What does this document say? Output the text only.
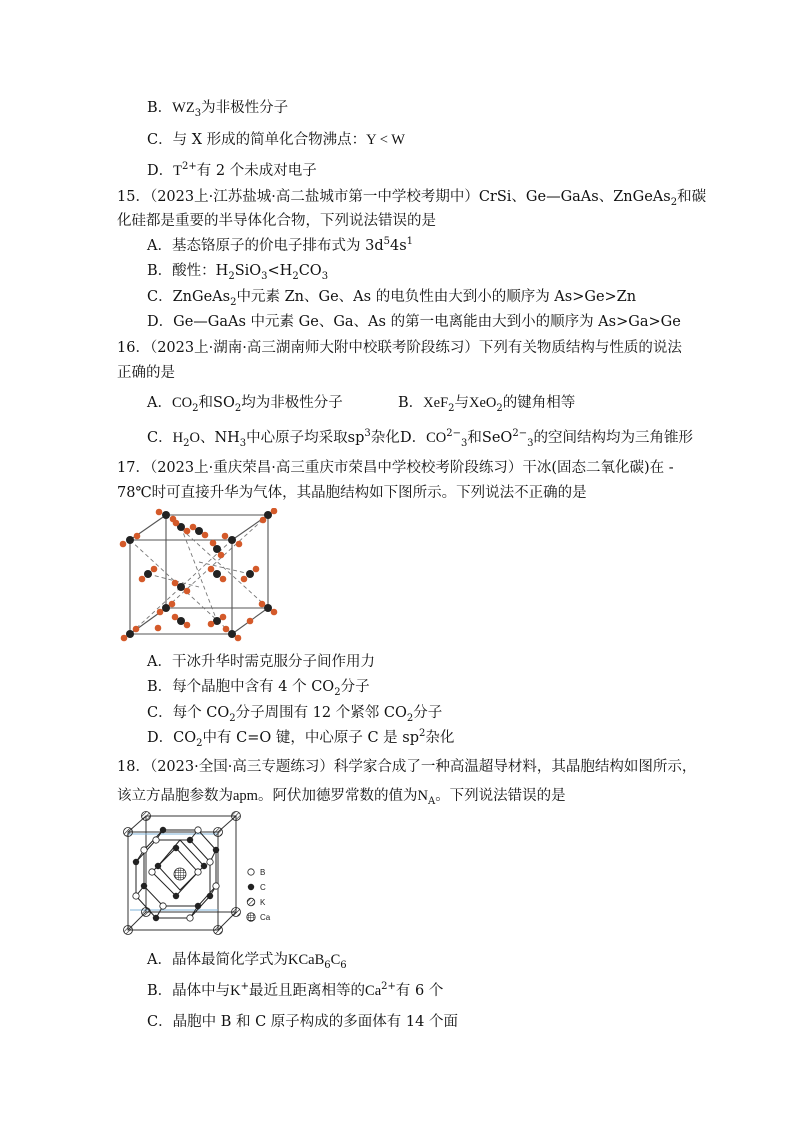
B．$WZ_3$为非极性分子
C．与 X 形成的简单化合物沸点：Y < W
D．$T^{2+}$有 2 个未成对电子
15．（2023上·江苏盐城·高二盐城市第一中学校考期中）CrSi、Ge—GaAs、ZnGeAs$_2$和碳
化硅都是重要的半导体化合物，下列说法错误的是
A．基态铬原子的价电子排布式为 $3d^54s^1$
B．酸性：$H_2SiO_3<H_2CO_3$
C．ZnGeAs$_2$中元素 Zn、Ge、As 的电负性由大到小的顺序为 As>Ge>Zn
D．Ge—GaAs 中元素 Ge、Ga、As 的第一电离能由大到小的顺序为 As>Ga>Ge
16．（2023上·湖南·高三湖南师大附中校联考阶段练习）下列有关物质结构与性质的说法
正确的是
A．$CO_2$和$SO_2$均为非极性分子	B．XeF$_2$与XeO$_2$的键角相等
C．$H_2O$、$NH_3$中心原子均采取$sp^3$杂化 D．$CO^{2-}_3$和SeO$^{2-}_3$的空间结构均为三角锥形
17．（2023上·重庆荣昌·高三重庆市荣昌中学校校考阶段练习）干冰(固态二氧化碳)在 -
78℃时可直接升华为气体，其晶胞结构如下图所示。下列说法不正确的是
A．干冰升华时需克服分子间作用力
B．每个晶胞中含有 4 个 $CO_2$分子
C．每个 $CO_2$分子周围有 12 个紧邻 $CO_2$分子
D．$CO_2$中有 C=O 键，中心原子 C 是 $sp^2$杂化
18．（2023·全国·高三专题练习）科学家合成了一种高温超导材料，其晶胞结构如图所示，
该立方晶胞参数为apm。阿伏加德罗常数的值为$N_A$。下列说法错误的是
B
C
K
Ca
A．晶体最简化学式为$KCaB_6C_6$
B．晶体中与K+最近且距离相等的$Ca^{2+}$有 6 个
C．晶胞中 B 和 C 原子构成的多面体有 14 个面
